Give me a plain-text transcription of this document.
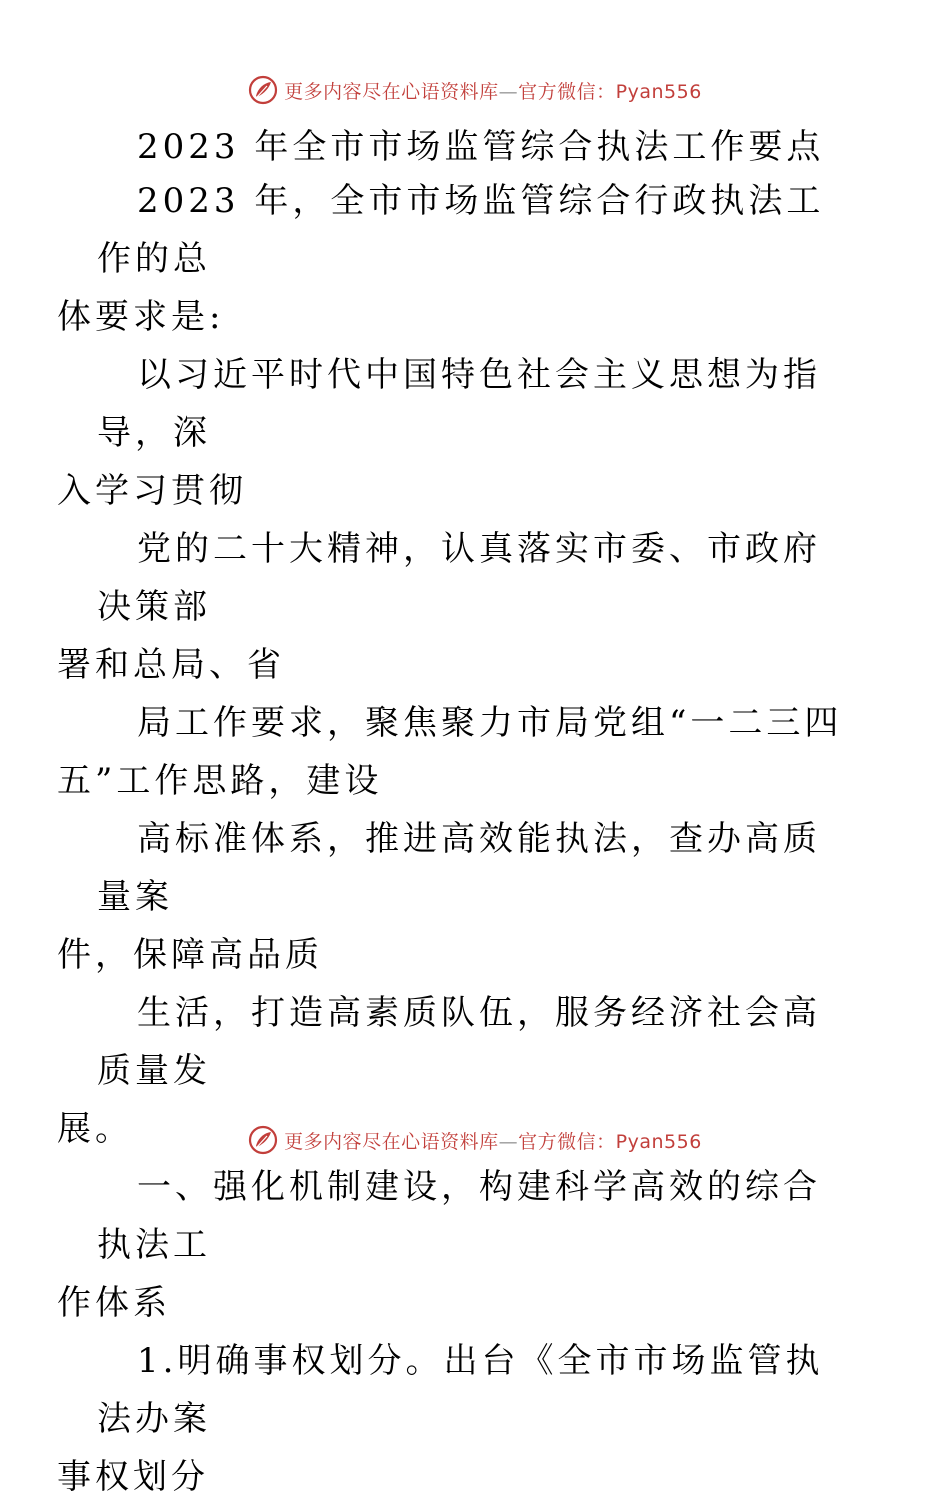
更多内容尽在心语资料库—官方微信：Pyan556

2023 年全市市场监管综合执法工作要点

2023 年，全市市场监管综合行政执法工作的总
体要求是:

以习近平时代中国特色社会主义思想为指导，深
入学习贯彻

党的二十大精神，认真落实市委、市政府决策部
署和总局、省

局工作要求，聚焦聚力市局党组“一二三四
五”工作思路，建设

高标准体系，推进高效能执法，查办高质量案
件，保障高品质

生活，打造高素质队伍，服务经济社会高质量发
展。

一、强化机制建设，构建科学高效的综合执法工
作体系

1.明确事权划分。出台《全市市场监管执法办案
事权划分

更多内容尽在心语资料库—官方微信：Pyan556
